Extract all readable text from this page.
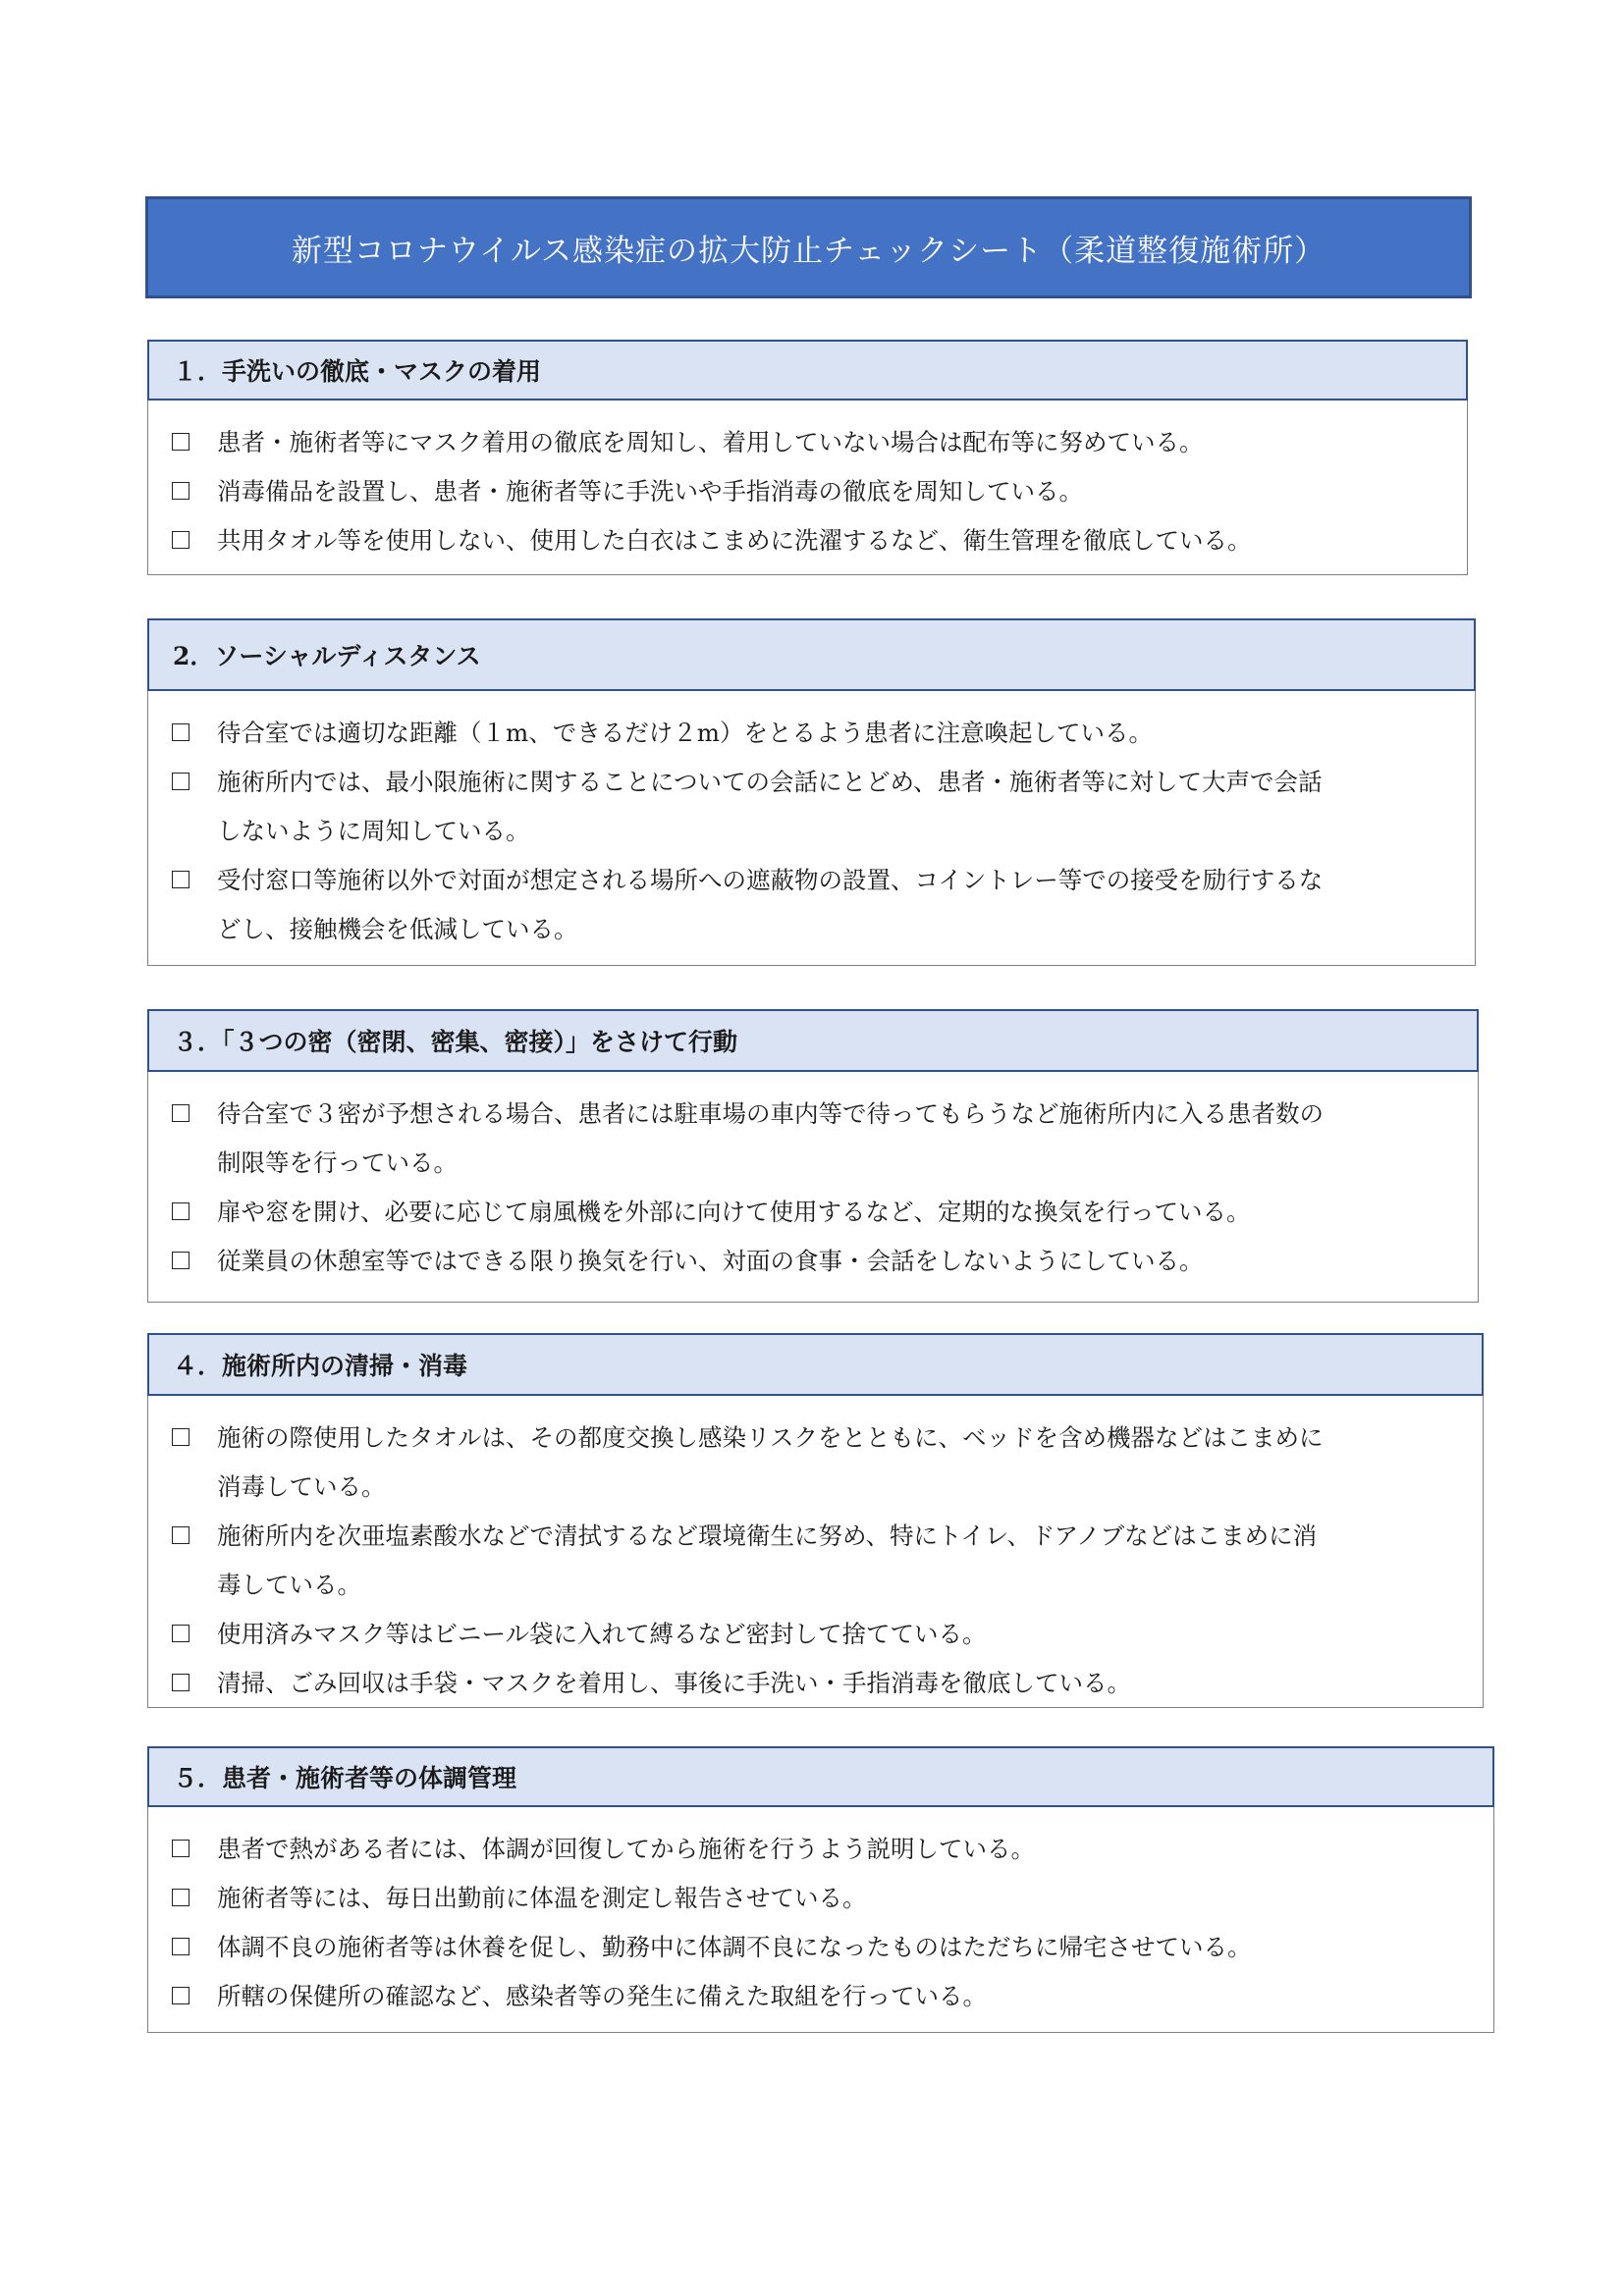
新型コロナウイルス感染症の拡大防止チェックシート（柔道整復施術所）
１．手洗いの徹底・マスクの着用
患者・施術者等にマスク着用の徹底を周知し、着用していない場合は配布等に努めている。
消毒備品を設置し、患者・施術者等に手洗いや手指消毒の徹底を周知している。
共用タオル等を使用しない、使用した白衣はこまめに洗濯するなど、衛生管理を徹底している。
2．ソーシャルディスタンス
待合室では適切な距離（１m、できるだけ２m）をとるよう患者に注意喚起している。
施術所内では、最小限施術に関することについての会話にとどめ、患者・施術者等に対して大声で会話
しないように周知している。
受付窓口等施術以外で対面が想定される場所への遮蔽物の設置、コイントレー等での接受を励行するな
どし、接触機会を低減している。
３．「３つの密（密閉、密集、密接）」をさけて行動
待合室で３密が予想される場合、患者には駐車場の車内等で待ってもらうなど施術所内に入る患者数の
制限等を行っている。
扉や窓を開け、必要に応じて扇風機を外部に向けて使用するなど、定期的な換気を行っている。
従業員の休憩室等ではできる限り換気を行い、対面の食事・会話をしないようにしている。
４．施術所内の清掃・消毒
施術の際使用したタオルは、その都度交換し感染リスクをとともに、ベッドを含め機器などはこまめに
消毒している。
施術所内を次亜塩素酸水などで清拭するなど環境衛生に努め、特にトイレ、ドアノブなどはこまめに消
毒している。
使用済みマスク等はビニール袋に入れて縛るなど密封して捨てている。
清掃、ごみ回収は手袋・マスクを着用し、事後に手洗い・手指消毒を徹底している。
５．患者・施術者等の体調管理
患者で熱がある者には、体調が回復してから施術を行うよう説明している。
施術者等には、毎日出勤前に体温を測定し報告させている。
体調不良の施術者等は休養を促し、勤務中に体調不良になったものはただちに帰宅させている。
所轄の保健所の確認など、感染者等の発生に備えた取組を行っている。
